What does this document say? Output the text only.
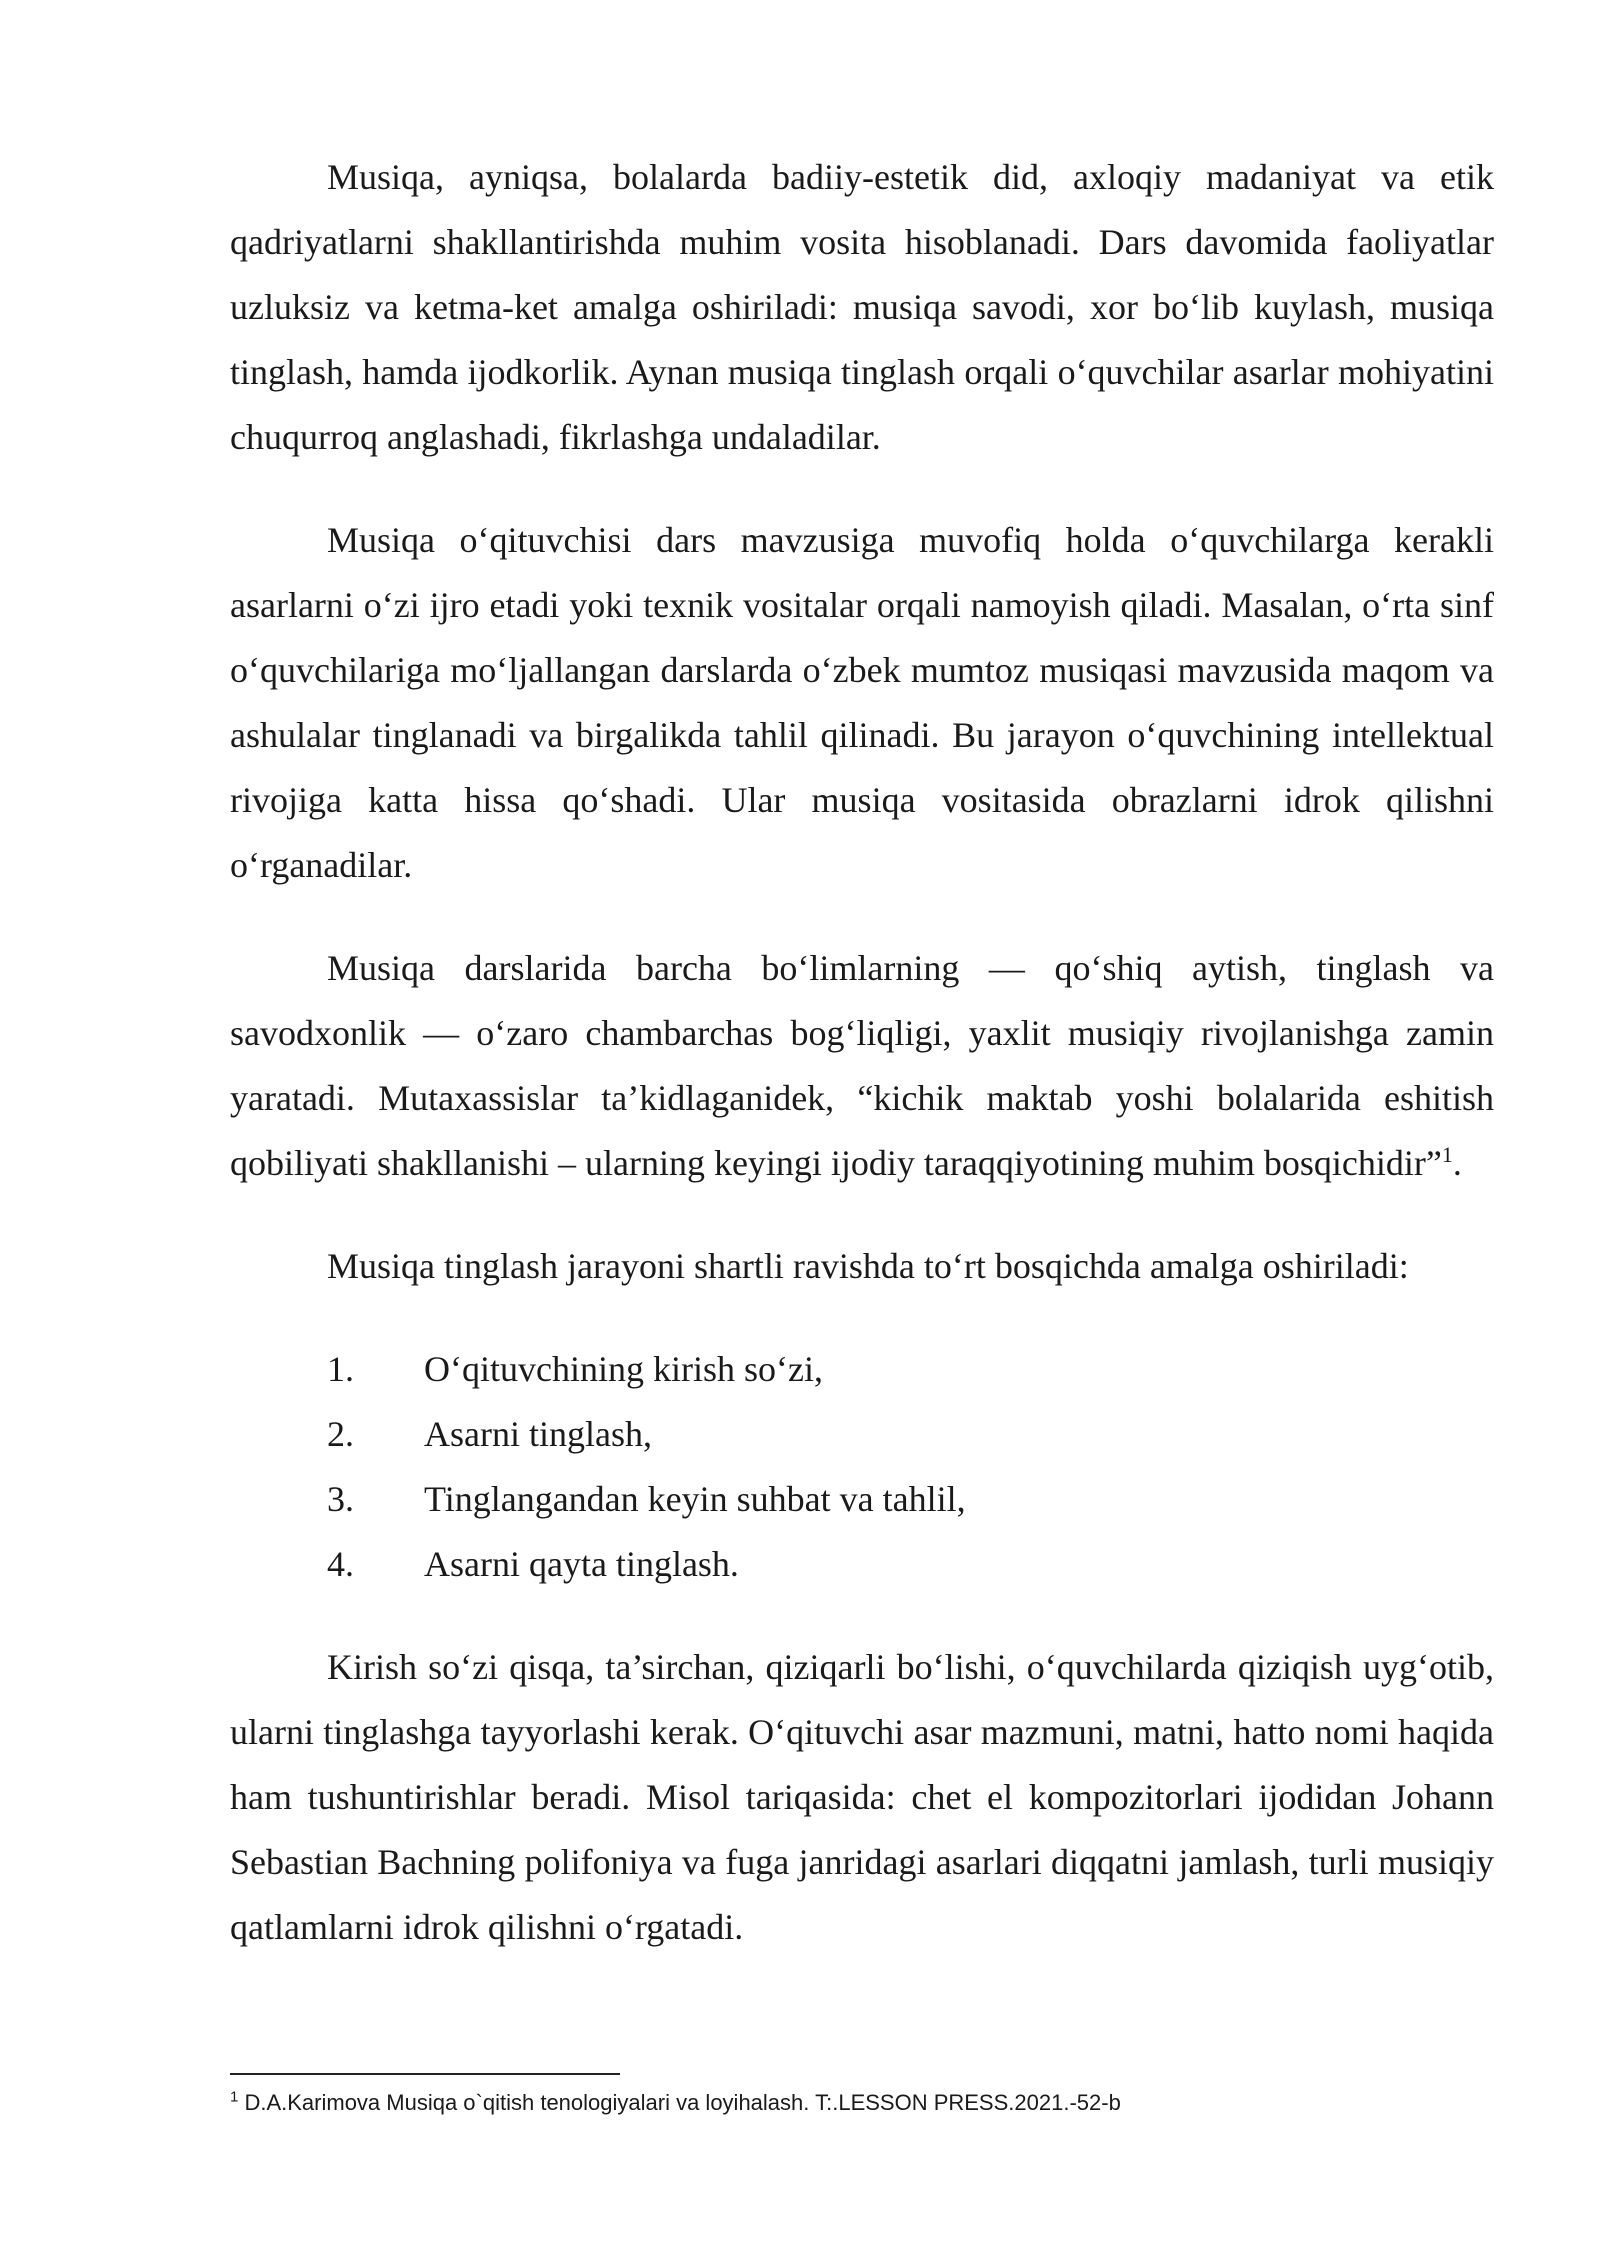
Musiqa, ayniqsa, bolalarda badiiy-estetik did, axloqiy madaniyat va etik qadriyatlarni shakllantirishda muhim vosita hisoblanadi. Dars davomida faoliyatlar uzluksiz va ketma-ket amalga oshiriladi: musiqa savodi, xor bo‘lib kuylash, musiqa tinglash, hamda ijodkorlik. Aynan musiqa tinglash orqali o‘quvchilar asarlar mohiyatini chuqurroq anglashadi, fikrlashga undaladilar.

Musiqa o‘qituvchisi dars mavzusiga muvofiq holda o‘quvchilarga kerakli asarlarni o‘zi ijro etadi yoki texnik vositalar orqali namoyish qiladi. Masalan, o‘rta sinf o‘quvchilariga mo‘ljallangan darslarda o‘zbek mumtoz musiqasi mavzusida maqom va ashulalar tinglanadi va birgalikda tahlil qilinadi. Bu jarayon o‘quvchining intellektual rivojiga katta hissa qo‘shadi. Ular musiqa vositasida obrazlarni idrok qilishni o‘rganadilar.

Musiqa darslarida barcha bo‘limlarning — qo‘shiq aytish, tinglash va savodxonlik — o‘zaro chambarchas bog‘liqligi, yaxlit musiqiy rivojlanishga zamin yaratadi. Mutaxassislar ta’kidlaganidek, “kichik maktab yoshi bolalarida eshitish qobiliyati shakllanishi – ularning keyingi ijodiy taraqqiyotining muhim bosqichidir”$^1$.

Musiqa tinglash jarayoni shartli ravishda to‘rt bosqichda amalga oshiriladi:

1.	O‘qituvchining kirish so‘zi,
2.	Asarni tinglash,
3.	Tinglangandan keyin suhbat va tahlil,
4.	Asarni qayta tinglash.

Kirish so‘zi qisqa, ta’sirchan, qiziqarli bo‘lishi, o‘quvchilarda qiziqish uyg‘otib, ularni tinglashga tayyorlashi kerak. O‘qituvchi asar mazmuni, matni, hatto nomi haqida ham tushuntirishlar beradi. Misol tariqasida: chet el kompozitorlari ijodidan Johann Sebastian Bachning polifoniya va fuga janridagi asarlari diqqatni jamlash, turli musiqiy qatlamlarni idrok qilishni o‘rgatadi.

$^1$ D.A.Karimova Musiqa o`qitish tenologiyalari va loyihalash. T:.LESSON PRESS.2021.-52-b
